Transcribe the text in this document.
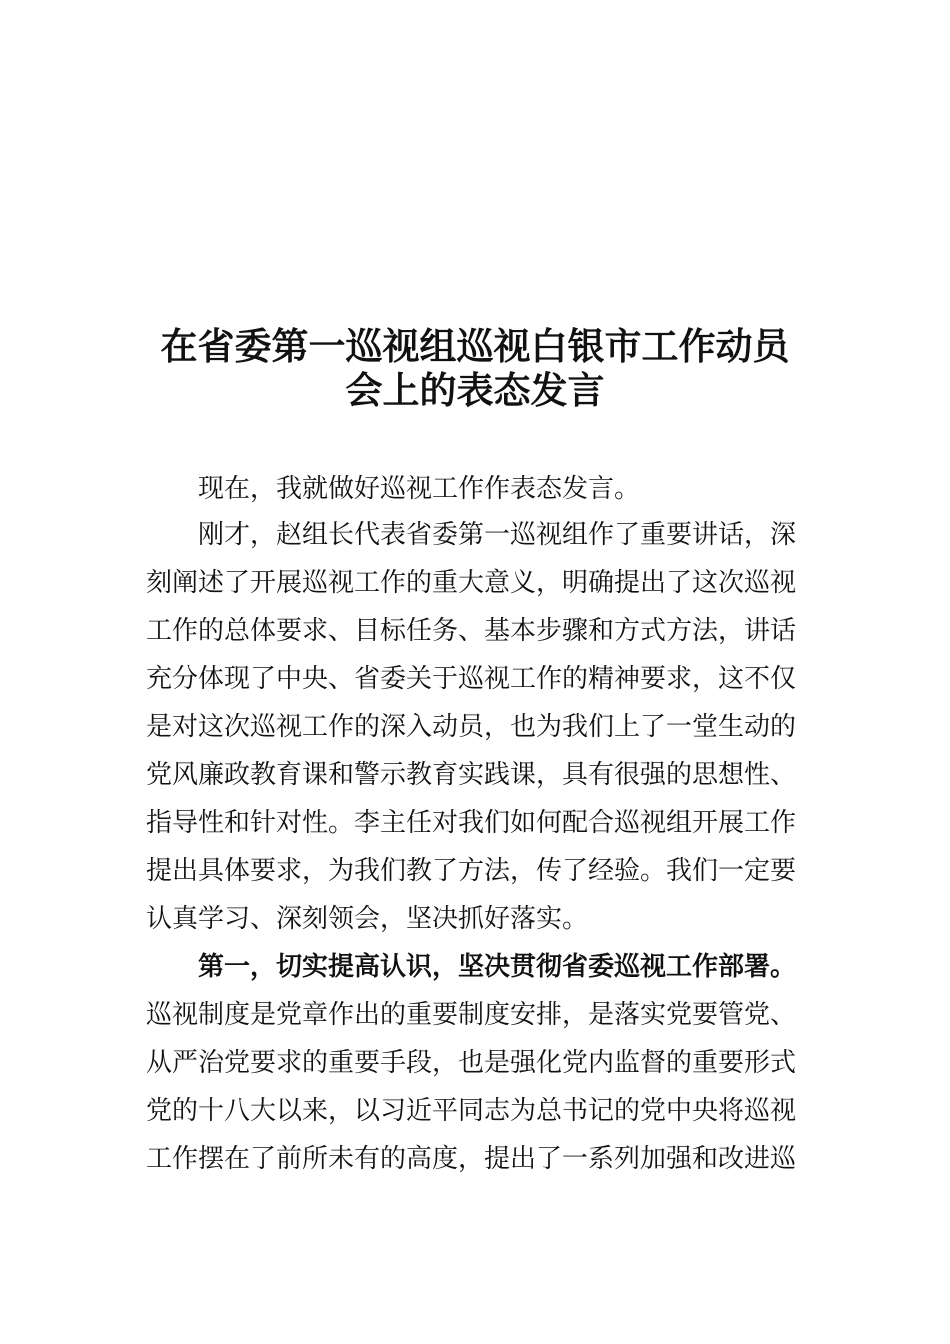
在省委第一巡视组巡视白银市工作动员
会上的表态发言
现在，我就做好巡视工作作表态发言。
刚才，赵组长代表省委第一巡视组作了重要讲话，深
刻阐述了开展巡视工作的重大意义，明确提出了这次巡视
工作的总体要求、目标任务、基本步骤和方式方法，讲话
充分体现了中央、省委关于巡视工作的精神要求，这不仅
是对这次巡视工作的深入动员，也为我们上了一堂生动的
党风廉政教育课和警示教育实践课，具有很强的思想性、
指导性和针对性。李主任对我们如何配合巡视组开展工作
提出具体要求，为我们教了方法，传了经验。我们一定要
认真学习、深刻领会，坚决抓好落实。
第一，切实提高认识，坚决贯彻省委巡视工作部署。
巡视制度是党章作出的重要制度安排，是落实党要管党、
从严治党要求的重要手段，也是强化党内监督的重要形式
党的十八大以来，以习近平同志为总书记的党中央将巡视
工作摆在了前所未有的高度，提出了一系列加强和改进巡
